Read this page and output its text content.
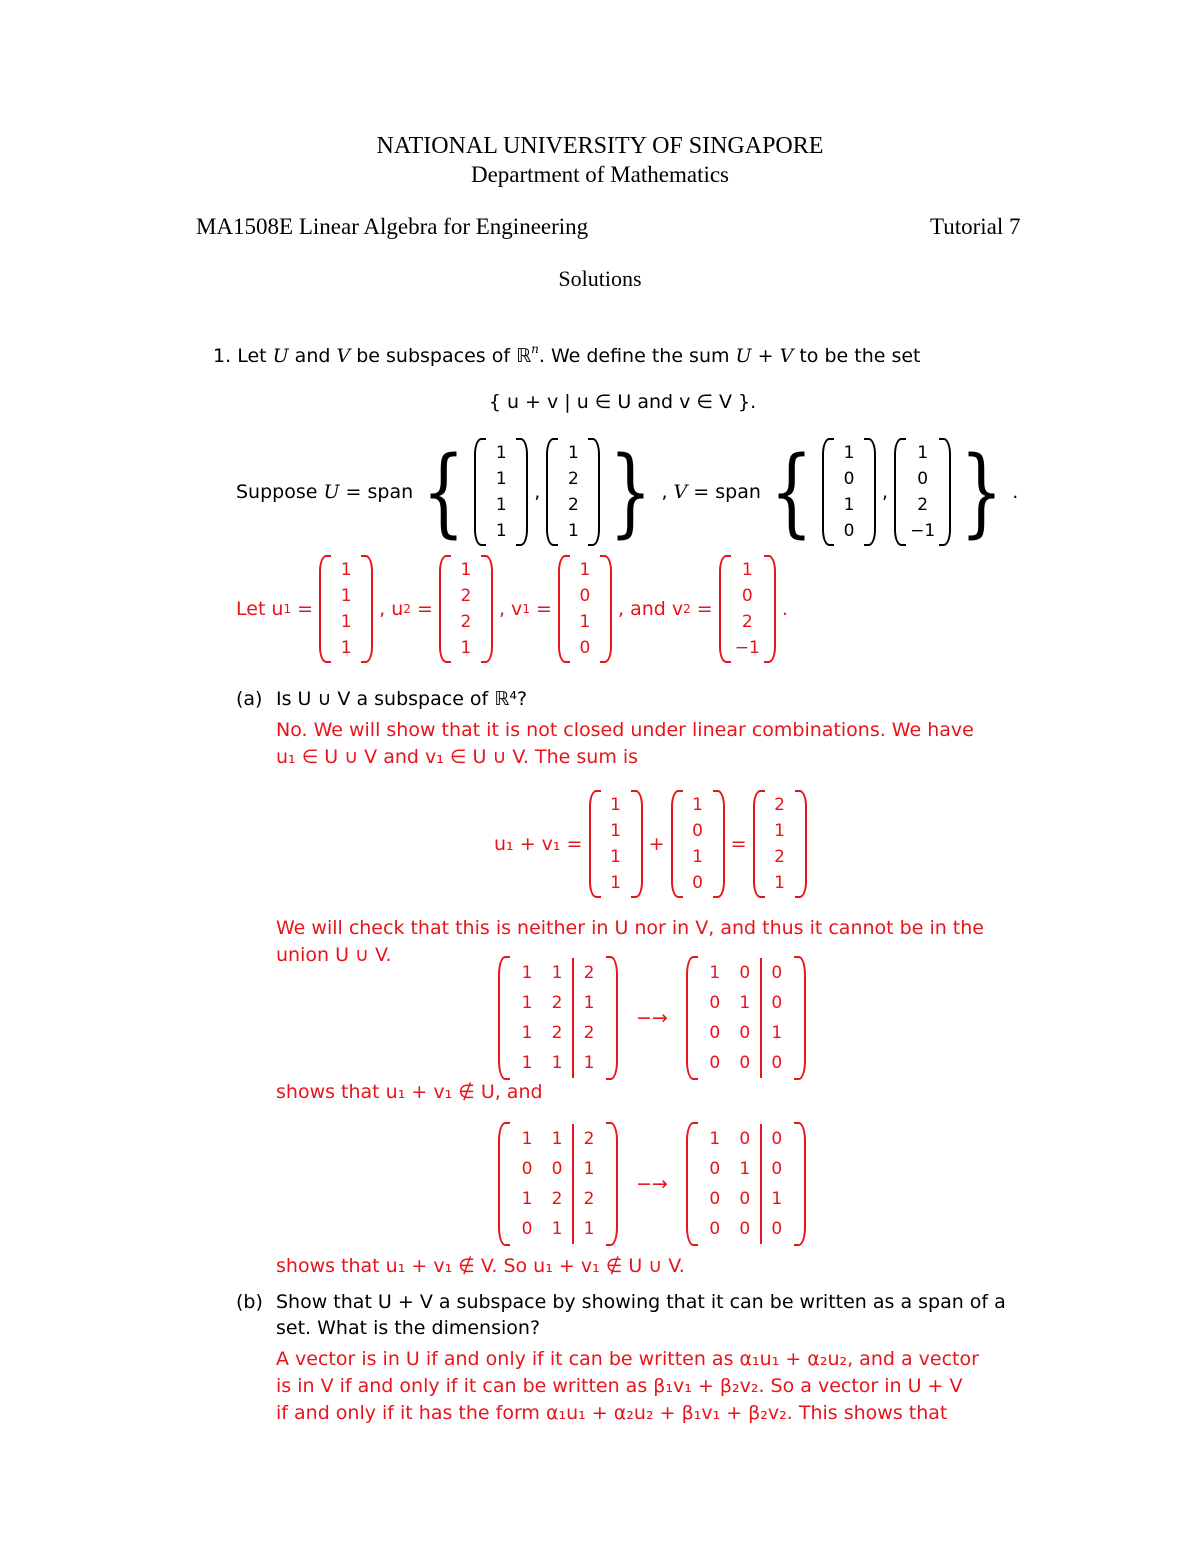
NATIONAL UNIVERSITY OF SINGAPORE
Department of Mathematics
MA1508E Linear Algebra for Engineering	Tutorial 7
Solutions
1. Let U and V be subspaces of ℝ$^n$. We define the sum U + V to be the set
{ u + v | u ∈ U and v ∈ V }.
Suppose
U = span {	1
1
1
1
,
1
2
2
1 } , V = span {	1
0
1
0
,
1
0
2
−1 } .
Let u 1 =
1
1
1
1
, u 2 =
1
2
2
1
, v 1 =
1
0
1
0

, and v 2 =
1
0
2
−1
.
(a) Is U ∪ V a subspace of ℝ⁴?
No. We will show that it is not closed under linear combinations. We have
u₁ ∈ U ∪ V and v₁ ∈ U ∪ V. The sum is
u₁ + v₁ =

1
1
1
1
+
1
0
1
0
=
2
1
2
1
We will check that this is neither in U nor in V, and thus it cannot be in the
union U ∪ V.
1	1	2
1	2	1
1	2	2
1	1	1
−→
1	0	0
0	1	0
0	0	1
0	0	0
shows that u₁ + v₁ ∉ U, and
1	1	2
0	0	1
1	2	2
0	1	1
−→
1	0	0
0	1	0
0	0	1
0	0	0
shows that u₁ + v₁ ∉ V. So u₁ + v₁ ∉ U ∪ V.
(b) Show that U + V a subspace by showing that it can be written as a span of a
set. What is the dimension?
A vector is in U if and only if it can be written as α₁u₁ + α₂u₂, and a vector
is in V if and only if it can be written as β₁v₁ + β₂v₂. So a vector in U + V
if and only if it has the form α₁u₁ + α₂u₂ + β₁v₁ + β₂v₂. This shows that
